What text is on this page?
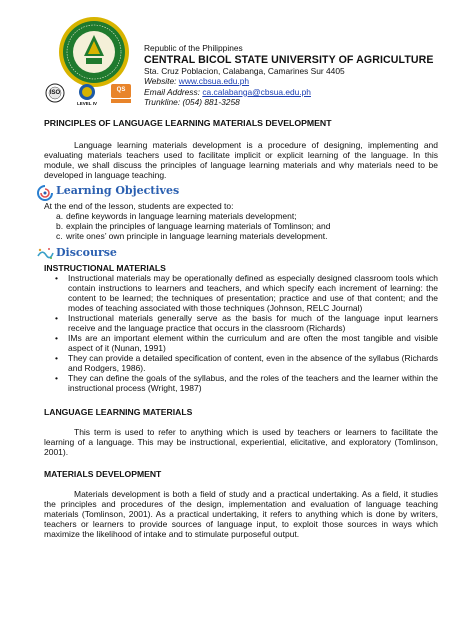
ISO
LEVEL IV
QS
Republic of the Philippines
CENTRAL BICOL STATE UNIVERSITY OF AGRICULTURE
Sta. Cruz Poblacion, Calabanga, Camarines Sur 4405
Website: www.cbsua.edu.ph
Email Address: ca.calabanga@cbsua.edu.ph
Trunkline: (054) 881-3258
PRINCIPLES OF LANGUAGE LEARNING MATERIALS DEVELOPMENT

Language learning materials development is a procedure of designing, implementing and evaluating materials teachers used to facilitate implicit or explicit learning of the language. In this module, we shall discuss the principles of language learning materials and why materials need to be developed in language teaching.

Learning Objectives
At the end of the lesson, students are expected to:
a. define keywords in language learning materials development;
b. explain the principles of language learning materials of Tomlinson; and
c. write ones’ own principle in language learning materials development.
Discourse
INSTRUCTIONAL MATERIALS
• Instructional materials may be operationally defined as especially designed classroom tools which contain instructions to learners and teachers, and which specify each increment of learning: the content to be learned; the techniques of presentation; practice and use of that content; and the modes of teaching associated with those techniques (Johnson, RELC Journal)
• Instructional materials generally serve as the basis for much of the language input learners receive and the language practice that occurs in the classroom (Richards)
• IMs are an important element within the curriculum and are often the most tangible and visible aspect of it (Nunan, 1991)
• They can provide a detailed specification of content, even in the absence of the syllabus (Richards and Rodgers, 1986).
• They can define the goals of the syllabus, and the roles of the teachers and the learner within the instructional process (Wright, 1987)
LANGUAGE LEARNING MATERIALS

This term is used to refer to anything which is used by teachers or learners to facilitate the learning of a language. This may be instructional, experiential, elicitative, and exploratory (Tomlinson, 2001).

MATERIALS DEVELOPMENT

Materials development is both a field of study and a practical undertaking. As a field, it studies the principles and procedures of the design, implementation and evaluation of language teaching materials (Tomlinson, 2001). As a practical undertaking, it refers to anything which is done by writers, teachers or learners to provide sources of language input, to exploit those sources in ways which maximize the likelihood of intake and to stimulate purposeful output.
